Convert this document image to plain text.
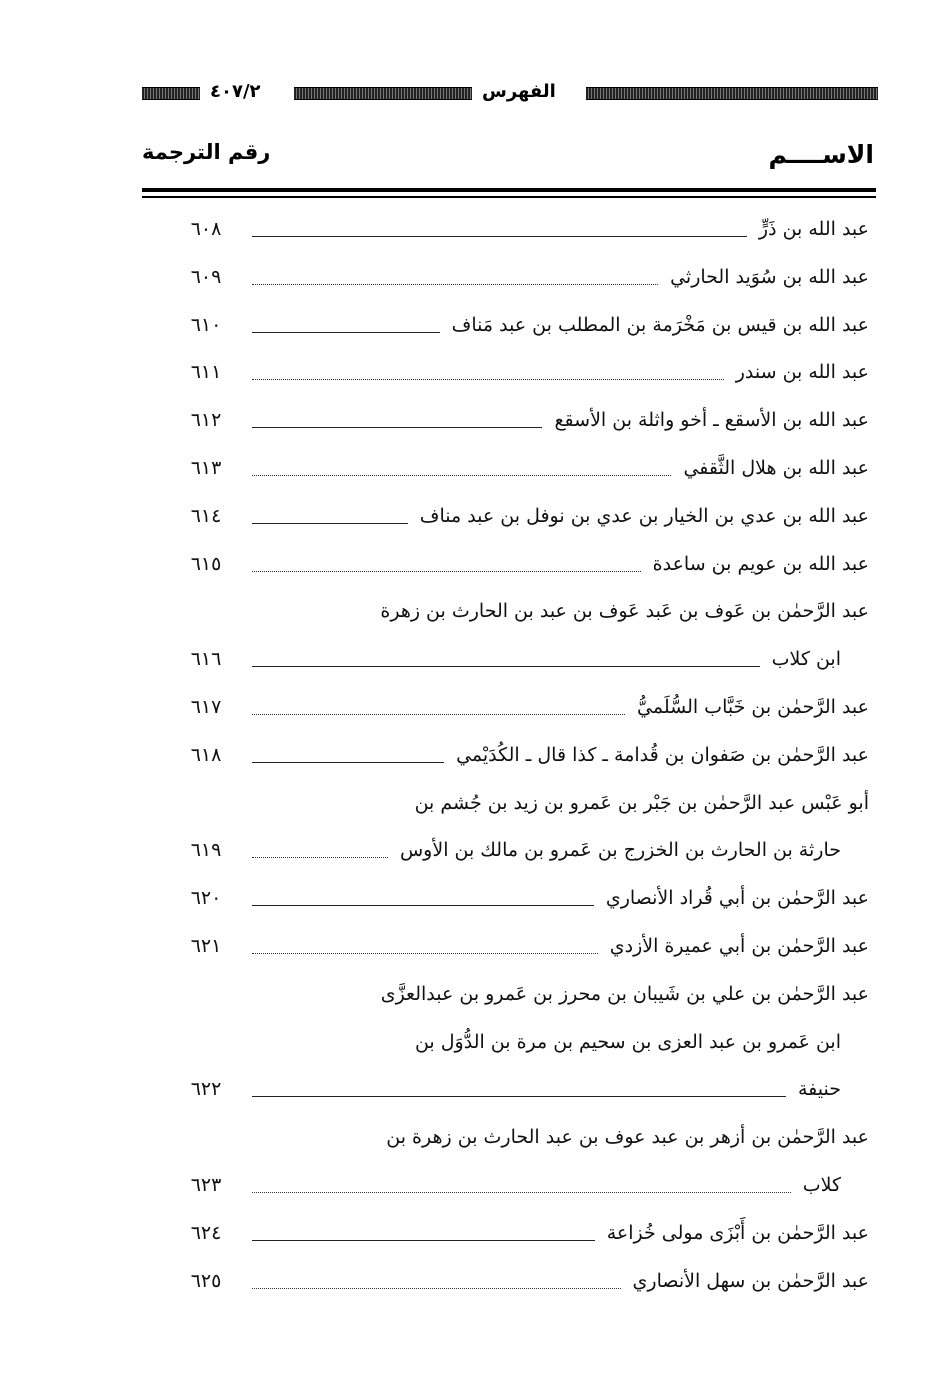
الفهرس
٤٠٧/٢
الاســــم
رقم الترجمة
عبد الله بن ذَرٍّ
٦٠٨
عبد الله بن سُوَيد الحارثي
٦٠٩
عبد الله بن قيس بن مَخْرَمة بن المطلب بن عبد مَناف
٦١٠
عبد الله بن سندر
٦١١
عبد الله بن الأسقع ـ أخو واثلة بن الأسقع
٦١٢
عبد الله بن هلال الثَّقفي
٦١٣
عبد الله بن عدي بن الخيار بن عدي بن نوفل بن عبد مناف
٦١٤
عبد الله بن عويم بن ساعدة
٦١٥
عبد الرَّحمٰن بن عَوف بن عَبد عَوف بن عبد بن الحارث بن زهرة
ابن كلاب
٦١٦
عبد الرَّحمٰن بن خَبَّاب السُّلَميُّ
٦١٧
عبد الرَّحمٰن بن صَفوان بن قُدامة ـ كذا قال ـ الكُدَيْمي
٦١٨
أبو عَبْس عبد الرَّحمٰن بن جَبْر بن عَمرو بن زيد بن جُشم بن
حارثة بن الحارث بن الخزرج بن عَمرو بن مالك بن الأوس
٦١٩
عبد الرَّحمٰن بن أبي قُراد الأنصاري
٦٢٠
عبد الرَّحمٰن بن أبي عميرة الأزدي
٦٢١
عبد الرَّحمٰن بن علي بن شَيبان بن محرز بن عَمرو بن عبدالعزَّى
ابن عَمرو بن عبد العزى بن سحيم بن مرة بن الدُّوَل بن
حنيفة
٦٢٢
عبد الرَّحمٰن بن أزهر بن عبد عوف بن عبد الحارث بن زهرة بن
كلاب
٦٢٣
عبد الرَّحمٰن بن أَبْزَى مولى خُزاعة
٦٢٤
عبد الرَّحمٰن بن سهل الأنصاري
٦٢٥
